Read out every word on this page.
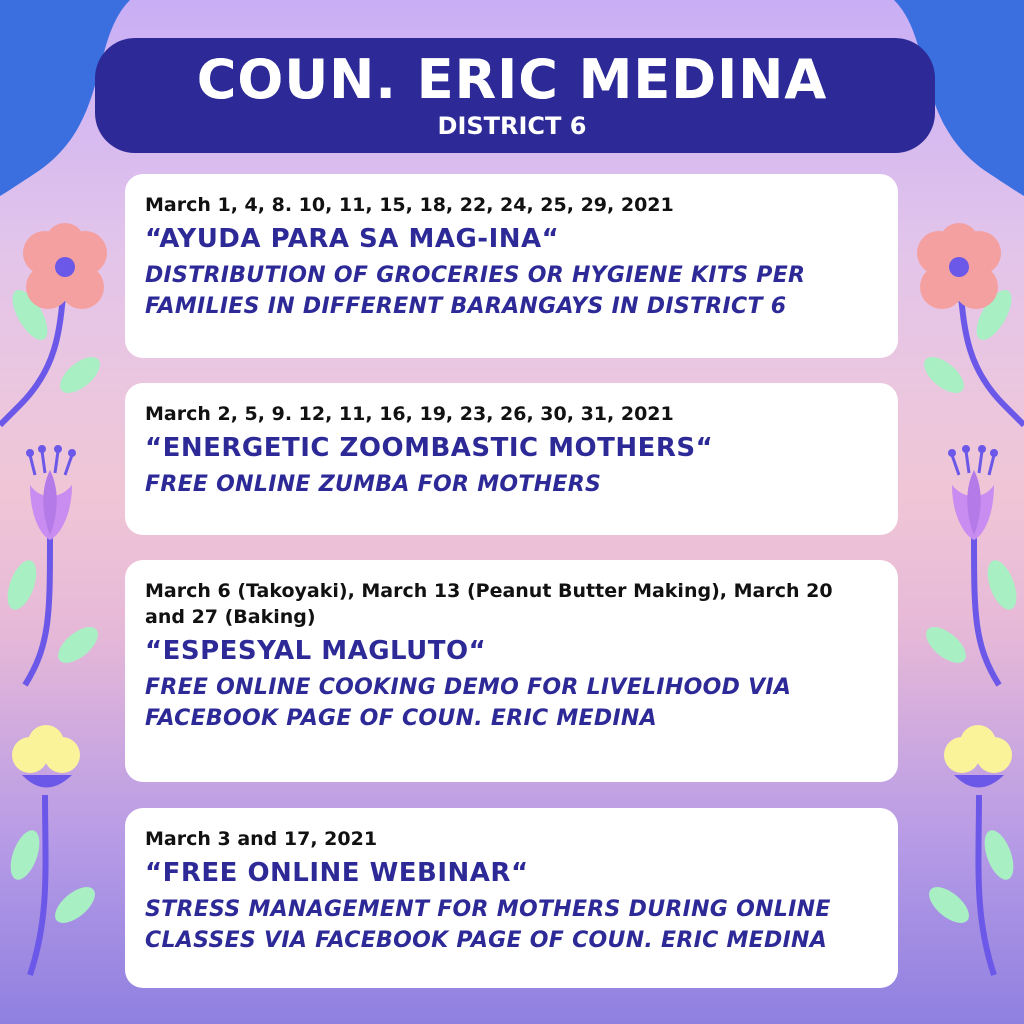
COUN. ERIC MEDINA
DISTRICT 6
March 1, 4, 8. 10, 11, 15, 18, 22, 24, 25, 29, 2021
“AYUDA PARA SA MAG-INA“
DISTRIBUTION OF GROCERIES OR HYGIENE KITS PER FAMILIES IN DIFFERENT BARANGAYS IN DISTRICT 6
March 2, 5, 9. 12, 11, 16, 19, 23, 26, 30, 31, 2021
“ENERGETIC ZOOMBASTIC MOTHERS“
FREE ONLINE ZUMBA FOR MOTHERS
March 6 (Takoyaki), March 13 (Peanut Butter Making), March 20 and 27 (Baking)
“ESPESYAL MAGLUTO“
FREE ONLINE COOKING DEMO FOR LIVELIHOOD VIA FACEBOOK PAGE OF COUN. ERIC MEDINA
March 3 and 17, 2021
“FREE ONLINE WEBINAR“
STRESS MANAGEMENT FOR MOTHERS DURING ONLINE CLASSES VIA FACEBOOK PAGE OF COUN. ERIC MEDINA
